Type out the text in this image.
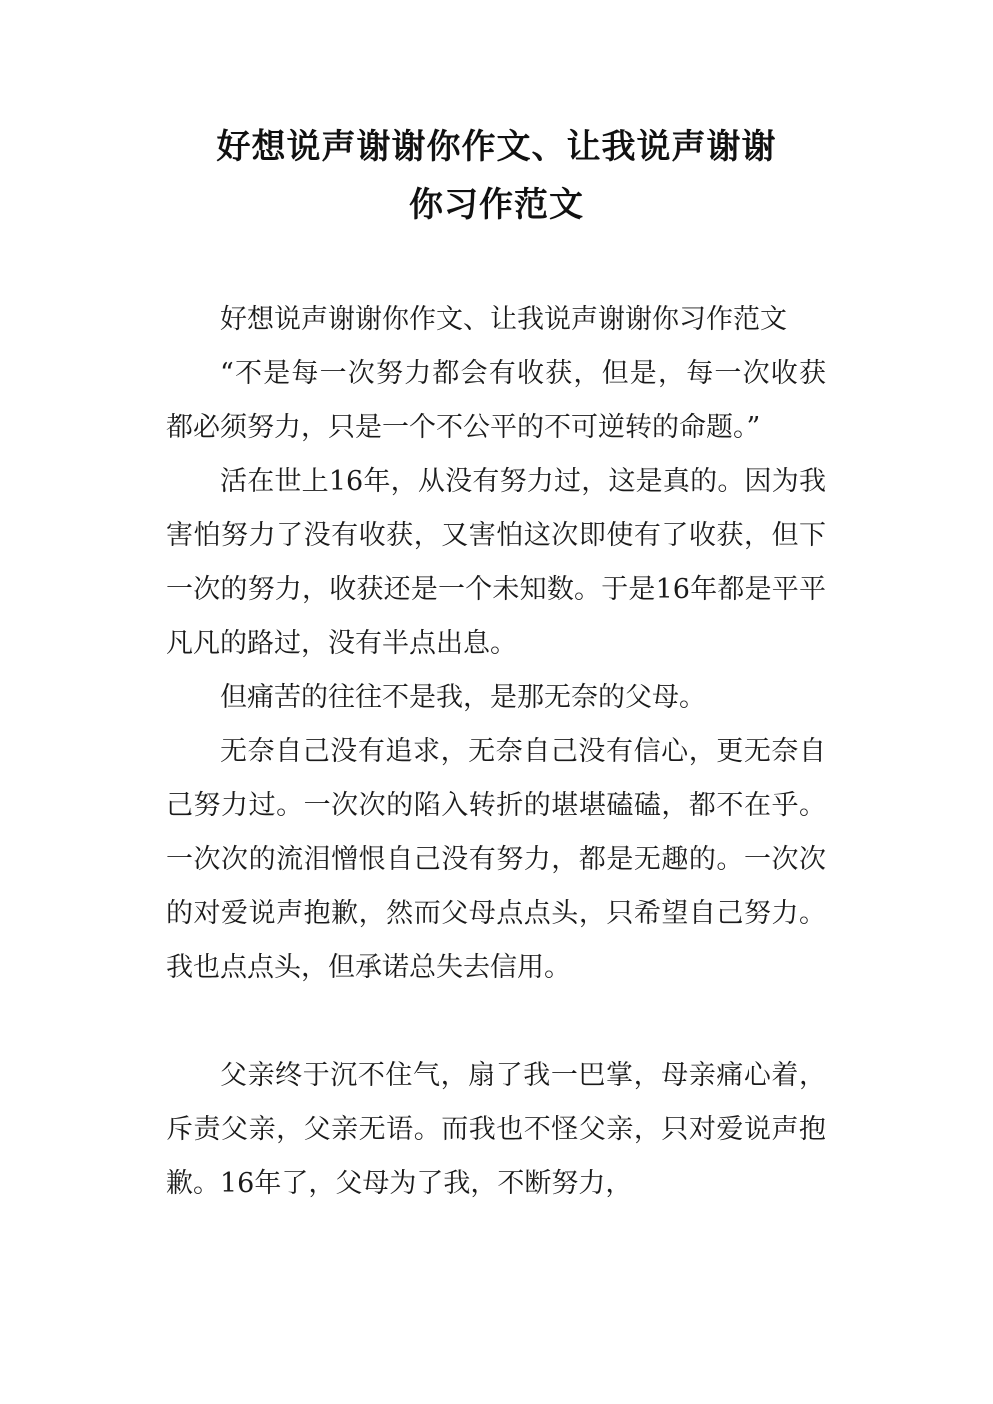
好想说声谢谢你作文、让我说声谢谢
你习作范文

好想说声谢谢你作文、让我说声谢谢你习作范文

“不是每一次努力都会有收获，但是，每一次收获都必须努力，只是一个不公平的不可逆转的命题。”

活在世上16年，从没有努力过，这是真的。因为我害怕努力了没有收获，又害怕这次即使有了收获，但下一次的努力，收获还是一个未知数。于是16年都是平平凡凡的路过，没有半点出息。

但痛苦的往往不是我，是那无奈的父母。

无奈自己没有追求，无奈自己没有信心，更无奈自己努力过。一次次的陷入转折的堪堪磕磕，都不在乎。一次次的流泪憎恨自己没有努力，都是无趣的。一次次的对爱说声抱歉，然而父母点点头，只希望自己努力。我也点点头，但承诺总失去信用。

父亲终于沉不住气，扇了我一巴掌，母亲痛心着，斥责父亲，父亲无语。而我也不怪父亲，只对爱说声抱歉。16年了，父母为了我，不断努力，
